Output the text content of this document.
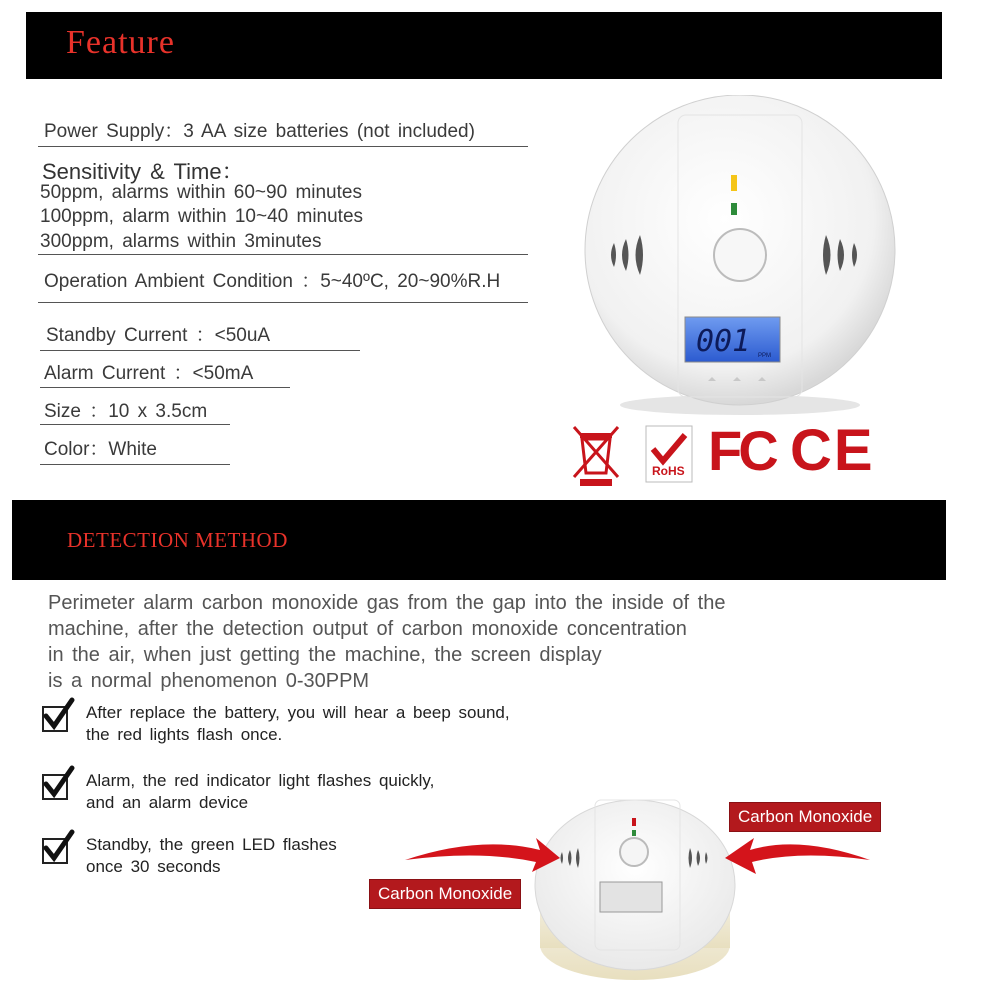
Feature
Power Supply：3 AA size batteries (not included)
Sensitivity & Time：
50ppm, alarms within 60~90 minutes
100ppm, alarm within 10~40 minutes
300ppm, alarms within 3minutes
Operation Ambient Condition ：5~40ºC, 20~90%R.H
Standby Current ：<50uA
Alarm Current ：<50mA
Size ：10 x 3.5cm
Color：White
001 PPM
RoHS FC CE
DETECTION METHOD
Perimeter alarm carbon monoxide gas from the gap into the inside of the
machine, after the detection output of carbon monoxide concentration
in the air, when just getting the machine, the screen display
is a normal phenomenon 0-30PPM
After replace the battery, you will hear a beep sound,
the red lights flash once.
Alarm, the red indicator light flashes quickly,
and an alarm device
Standby, the green LED flashes
once 30 seconds
Carbon Monoxide
Carbon Monoxide
